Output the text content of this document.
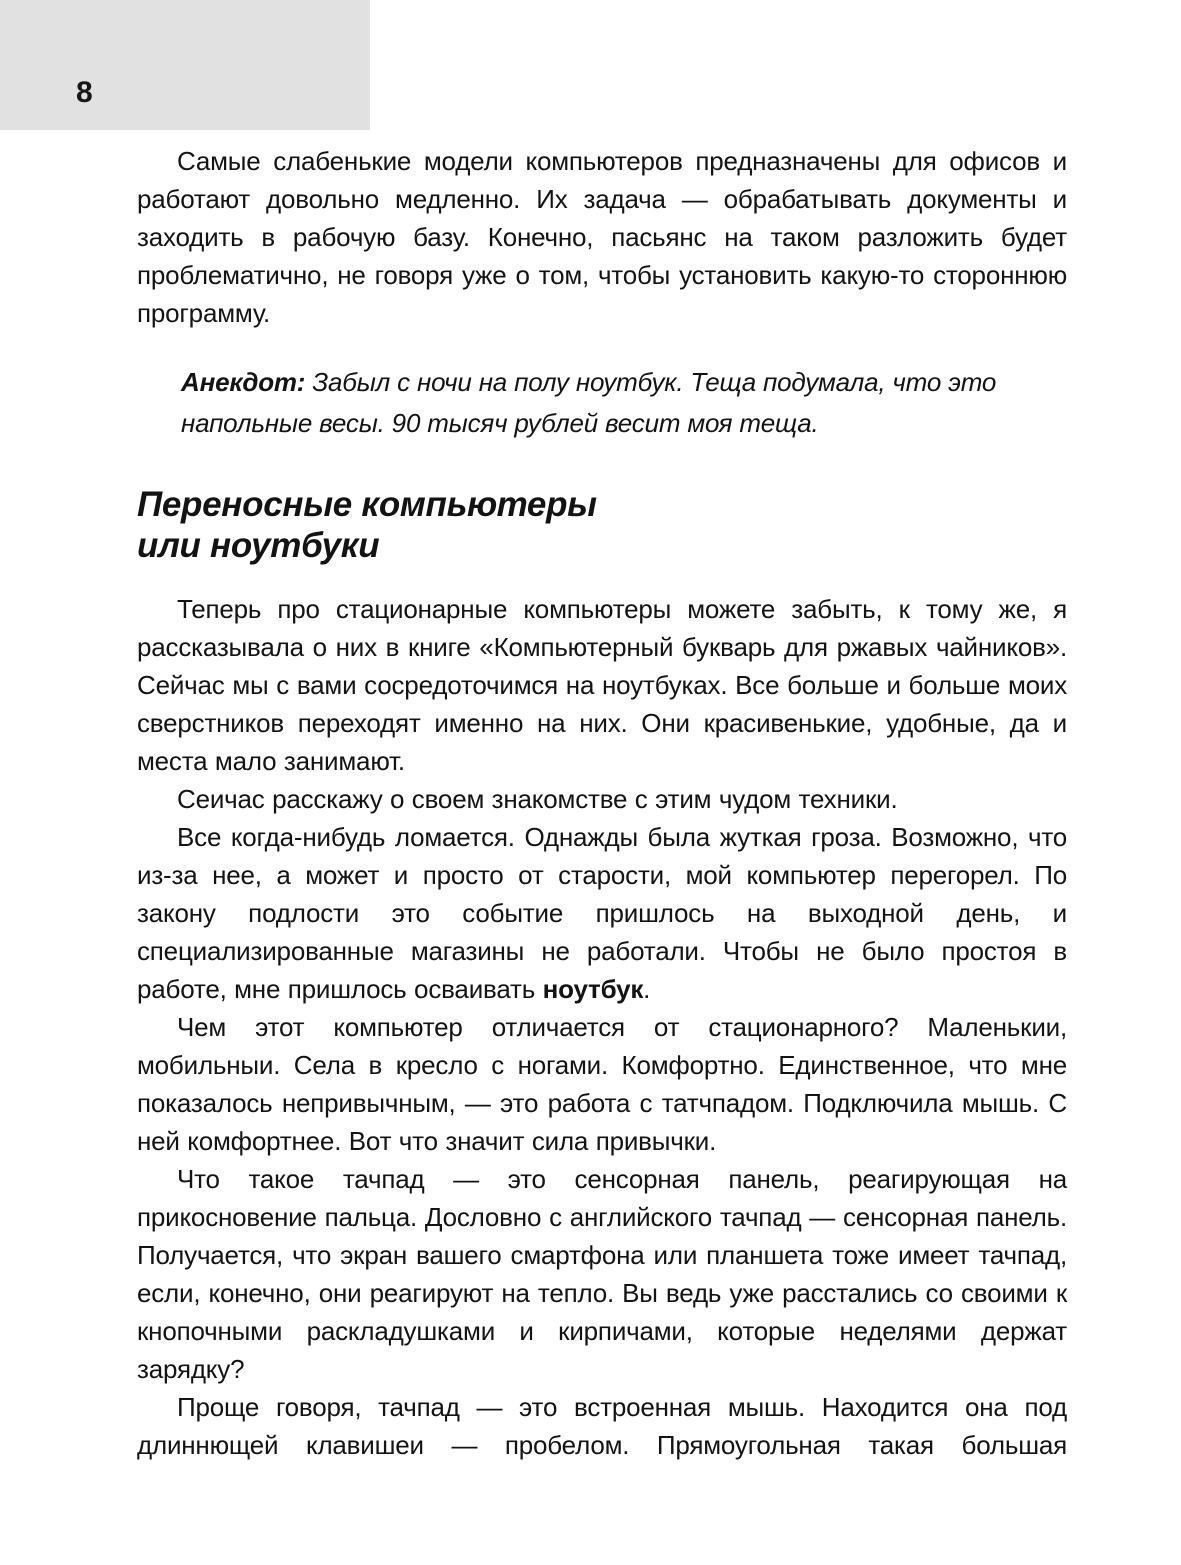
8

Самые слабенькие модели компьютеров предназначены для офисов и работают довольно медленно. Их задача — обрабатывать документы и заходить в рабочую базу. Конечно, пасьянс на таком разложить будет проблематично, не говоря уже о том, чтобы установить какую-то стороннюю программу.

Анекдот: Забыл с ночи на полу ноутбук. Теща подумала, что это напольные весы. 90 тысяч рублей весит моя теща.

Переносные компьютеры
или ноутбуки

Теперь про стационарные компьютеры можете забыть, к тому же, я рассказывала о них в книге «Компьютерный букварь для ржавых чайников». Сейчас мы с вами сосредоточимся на ноутбуках. Все больше и больше моих сверстников переходят именно на них. Они красивенькие, удобные, да и места мало занимают.

Сеичас расскажу о своем знакомстве с этим чудом техники.

Все когда-нибудь ломается. Однажды была жуткая гроза. Возможно, что из-за нее, а может и просто от старости, мой компьютер перегорел. По закону подлости это событие пришлось на выходной день, и специализированные магазины не работали. Чтобы не было простоя в работе, мне пришлось осваивать ноутбук.

Чем этот компьютер отличается от стационарного? Маленькии, мобильныи. Села в кресло с ногами. Комфортно. Единственное, что мне показалось непривычным, — это работа с татчпадом. Подключила мышь. С ней комфортнее. Вот что значит сила привычки.

Что такое тачпад — это сенсорная панель, реагирующая на прикосновение пальца. Дословно с английского тачпад — сенсорная панель. Получается, что экран вашего смартфона или планшета тоже имеет тачпад, если, конечно, они реагируют на тепло. Вы ведь уже расстались со своими к кнопочными раскладушками и кирпичами, которые неделями держат зарядку?

Проще говоря, тачпад — это встроенная мышь. Находится она под длиннющей клавишеи — пробелом. Прямоугольная такая большая
